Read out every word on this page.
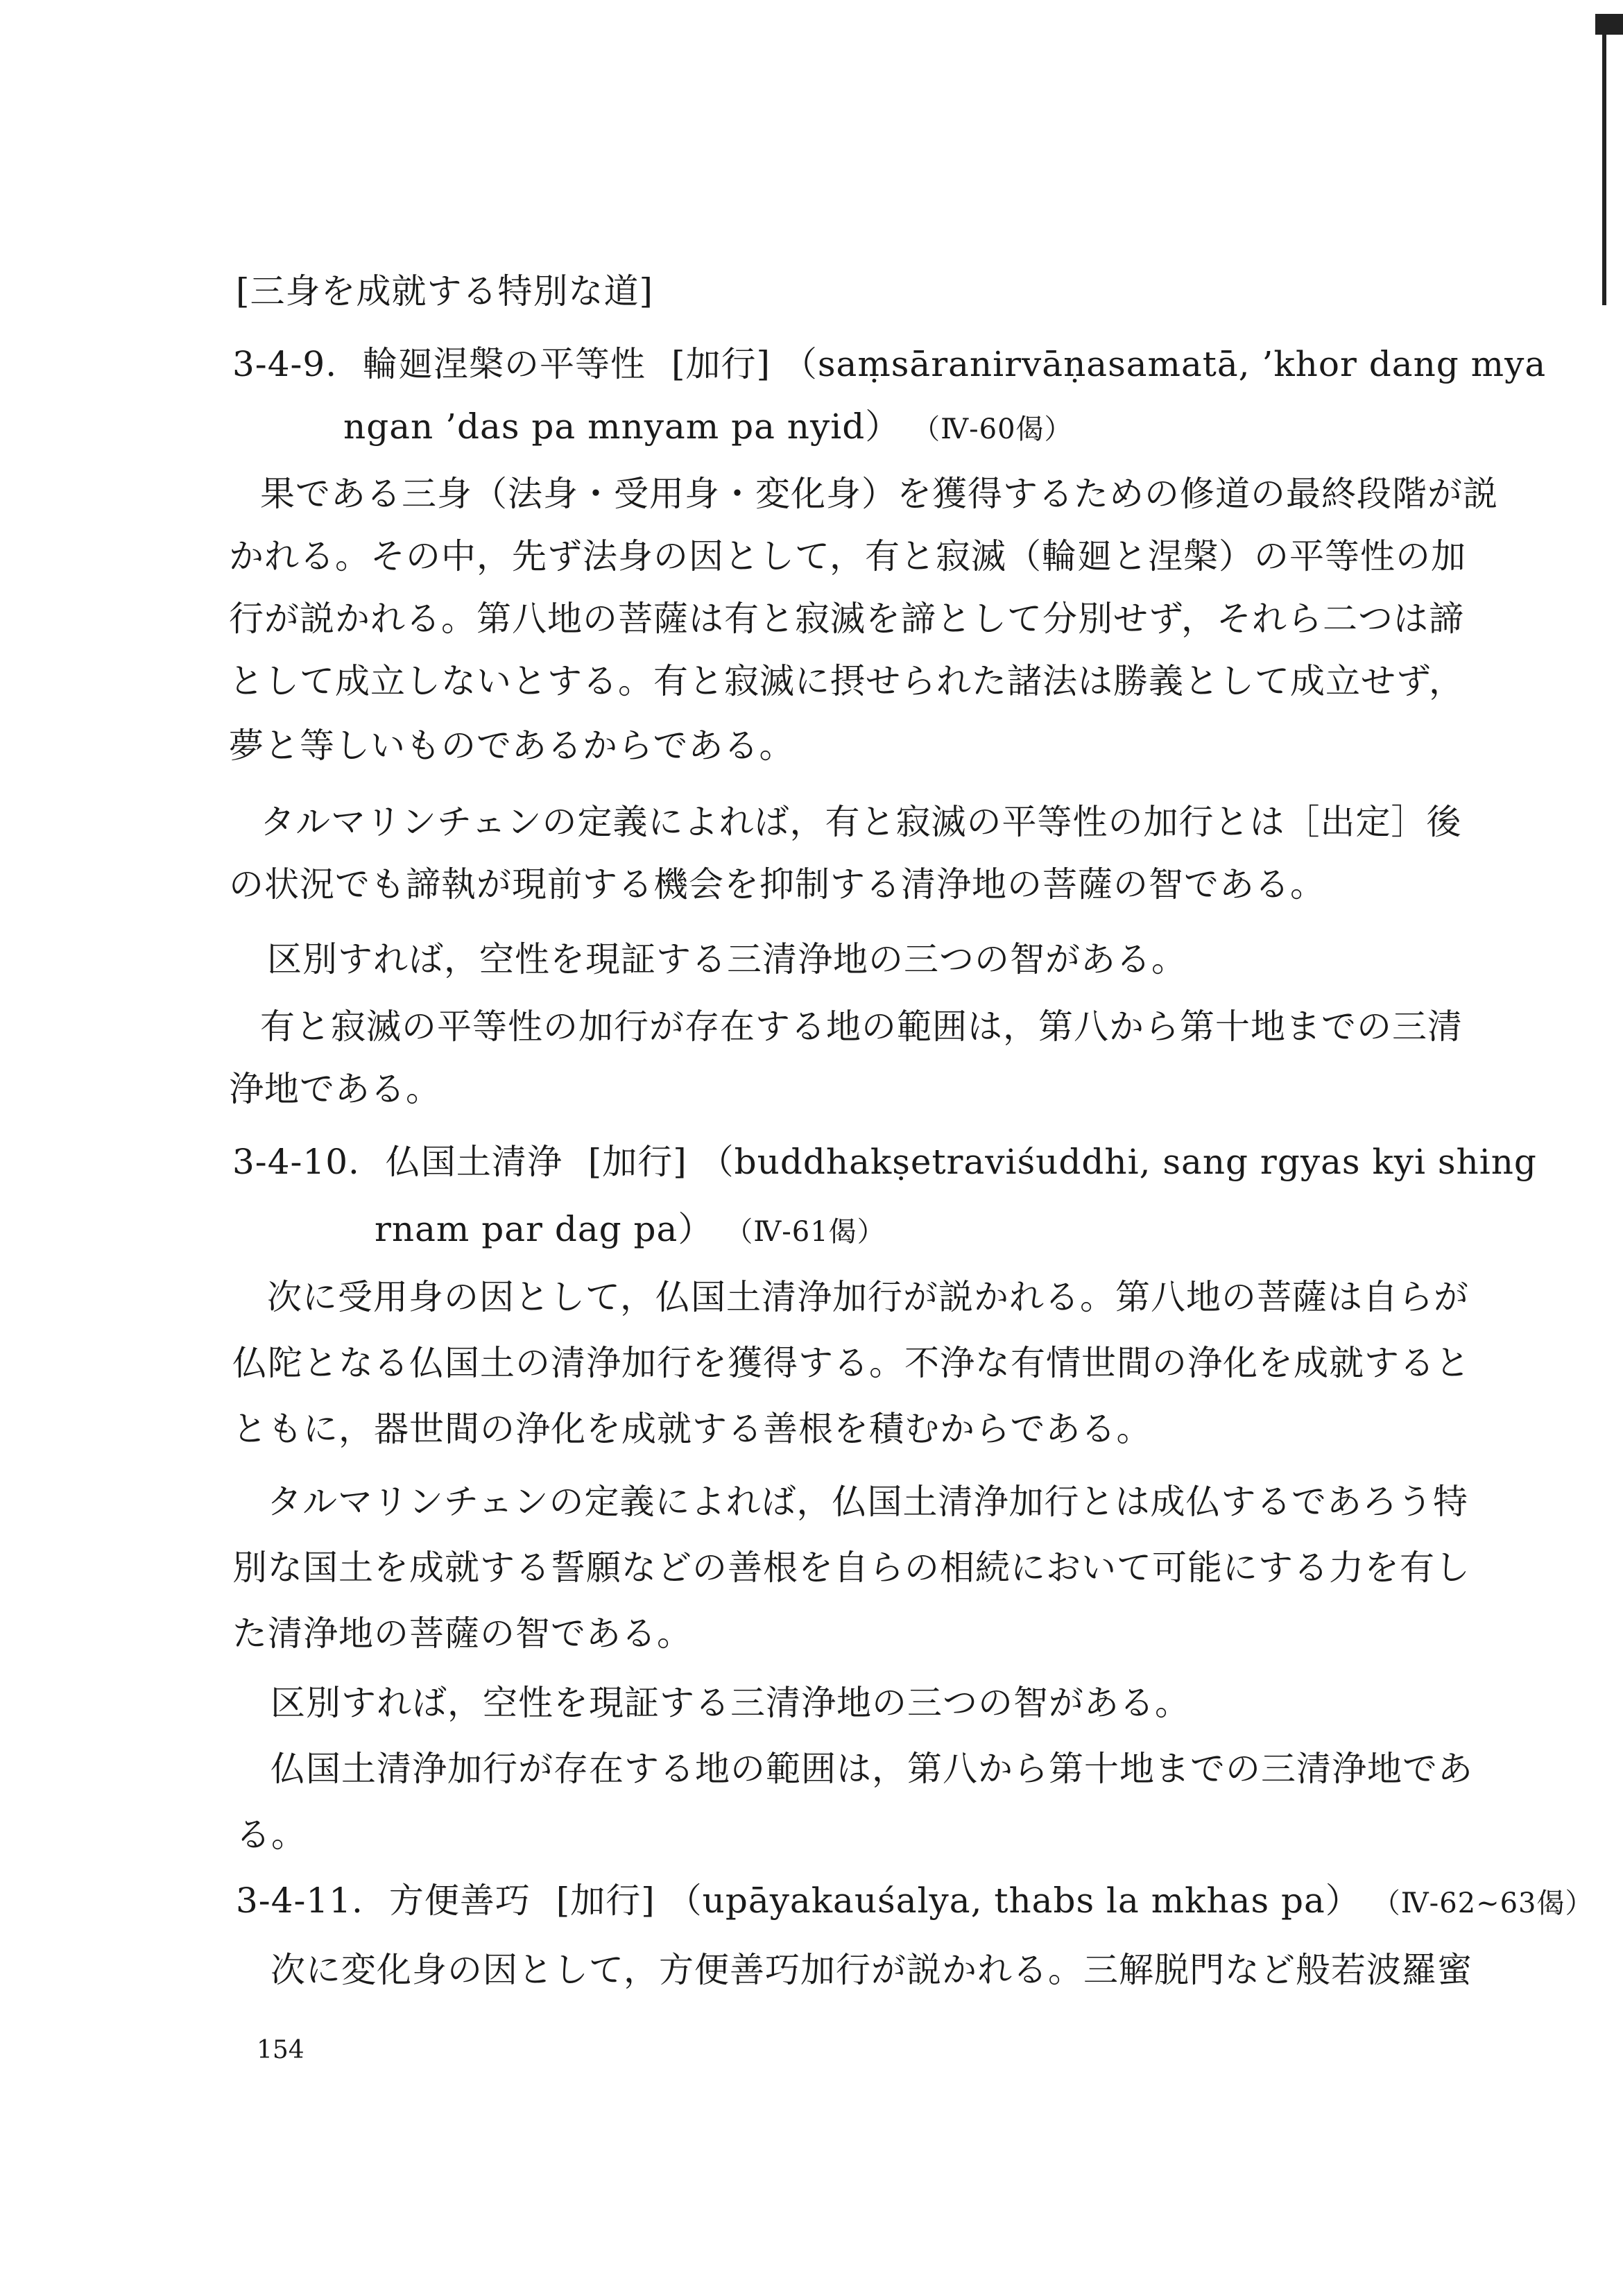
[三身を成就する特別な道]
3-4-9. 輪廻涅槃の平等性 [加行] （saṃsāranirvāṇasamatā, ’khor dang mya
ngan ’das pa mnyam pa nyid） （Ⅳ-60偈）
果である三身（法身・受用身・変化身）を獲得するための修道の最終段階が説
かれる。その中，先ず法身の因として，有と寂滅（輪廻と涅槃）の平等性の加
行が説かれる。第八地の菩薩は有と寂滅を諦として分別せず，それら二つは諦
として成立しないとする。有と寂滅に摂せられた諸法は勝義として成立せず，
夢と等しいものであるからである。
タルマリンチェンの定義によれば，有と寂滅の平等性の加行とは［出定］後
の状況でも諦執が現前する機会を抑制する清浄地の菩薩の智である。
区別すれば，空性を現証する三清浄地の三つの智がある。
有と寂滅の平等性の加行が存在する地の範囲は，第八から第十地までの三清
浄地である。
3-4-10. 仏国土清浄 [加行] （buddhakṣetraviśuddhi, sang rgyas kyi shing
rnam par dag pa） （Ⅳ-61偈）
次に受用身の因として，仏国土清浄加行が説かれる。第八地の菩薩は自らが
仏陀となる仏国土の清浄加行を獲得する。不浄な有情世間の浄化を成就すると
ともに，器世間の浄化を成就する善根を積むからである。
タルマリンチェンの定義によれば，仏国土清浄加行とは成仏するであろう特
別な国土を成就する誓願などの善根を自らの相続において可能にする力を有し
た清浄地の菩薩の智である。
区別すれば，空性を現証する三清浄地の三つの智がある。
仏国土清浄加行が存在する地の範囲は，第八から第十地までの三清浄地であ
る。
3-4-11. 方便善巧 [加行] （upāyakauśalya, thabs la mkhas pa） （Ⅳ-62~63偈）
次に変化身の因として，方便善巧加行が説かれる。三解脱門など般若波羅蜜
154
